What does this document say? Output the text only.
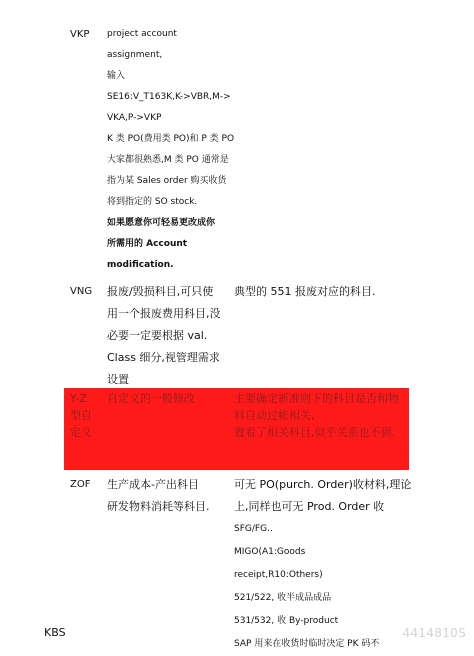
VKP project account
assignment,
输入
SE16:V_T163K,K->VBR,M->
VKA,P->VKP
K 类 PO(费用类 PO)和 P 类 PO
大家都很熟悉,M 类 PO 通常是
指为某 Sales order 购买收货
将到指定的 SO stock.
如果愿意你可轻易更改成你
所需用的 Account
modification.
VNG 报废/毁损科目,可只使
用一个报废费用科目,没
必要一定要根据 val.
Class 细分,视管理需求
设置
典型的 551 报废对应的科目.
Y-Z
型自
定义
自定义的一般修改	主要确定新准则下的科目是否和物
料自动过帐相关,
置看了相关科目,似乎关系也不到.
ZOF 生产成本-产出科目
研发物料消耗等科目.
可无 PO(purch. Order)收材料,理论
上,同样也可无 Prod. Order 收
SFG/FG..
MIGO(A1:Goods
receipt,R10:Others)
521/522, 收半成品成品
531/532, 收 By-product
SAP 用来在收货时临时决定 PK 码不
KBS	4414810S
